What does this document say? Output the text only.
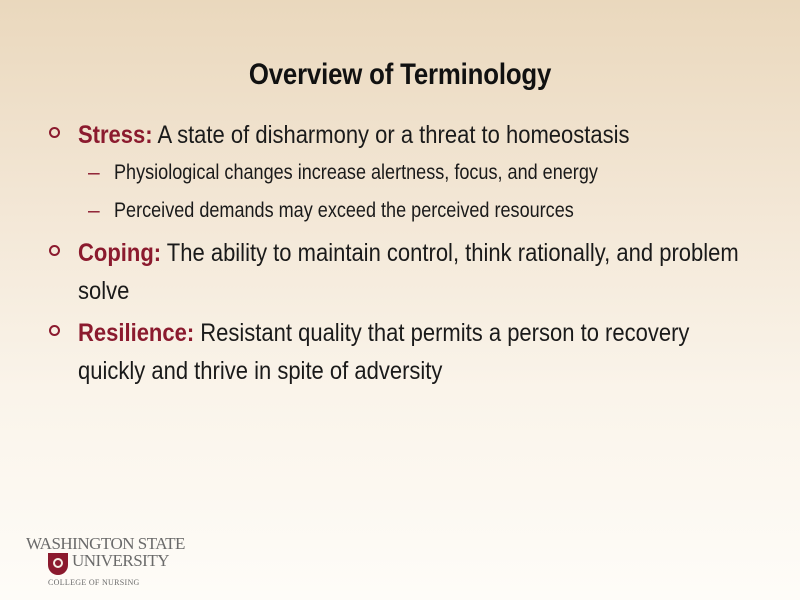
Overview of Terminology
Stress: A state of disharmony or a threat to homeostasis
– Physiological changes increase alertness, focus, and energy
– Perceived demands may exceed the perceived resources
Coping: The ability to maintain control, think rationally, and problem solve
Resilience: Resistant quality that permits a person to recovery quickly and thrive in spite of adversity
WASHINGTON STATE
UNIVERSITY
COLLEGE OF NURSING
